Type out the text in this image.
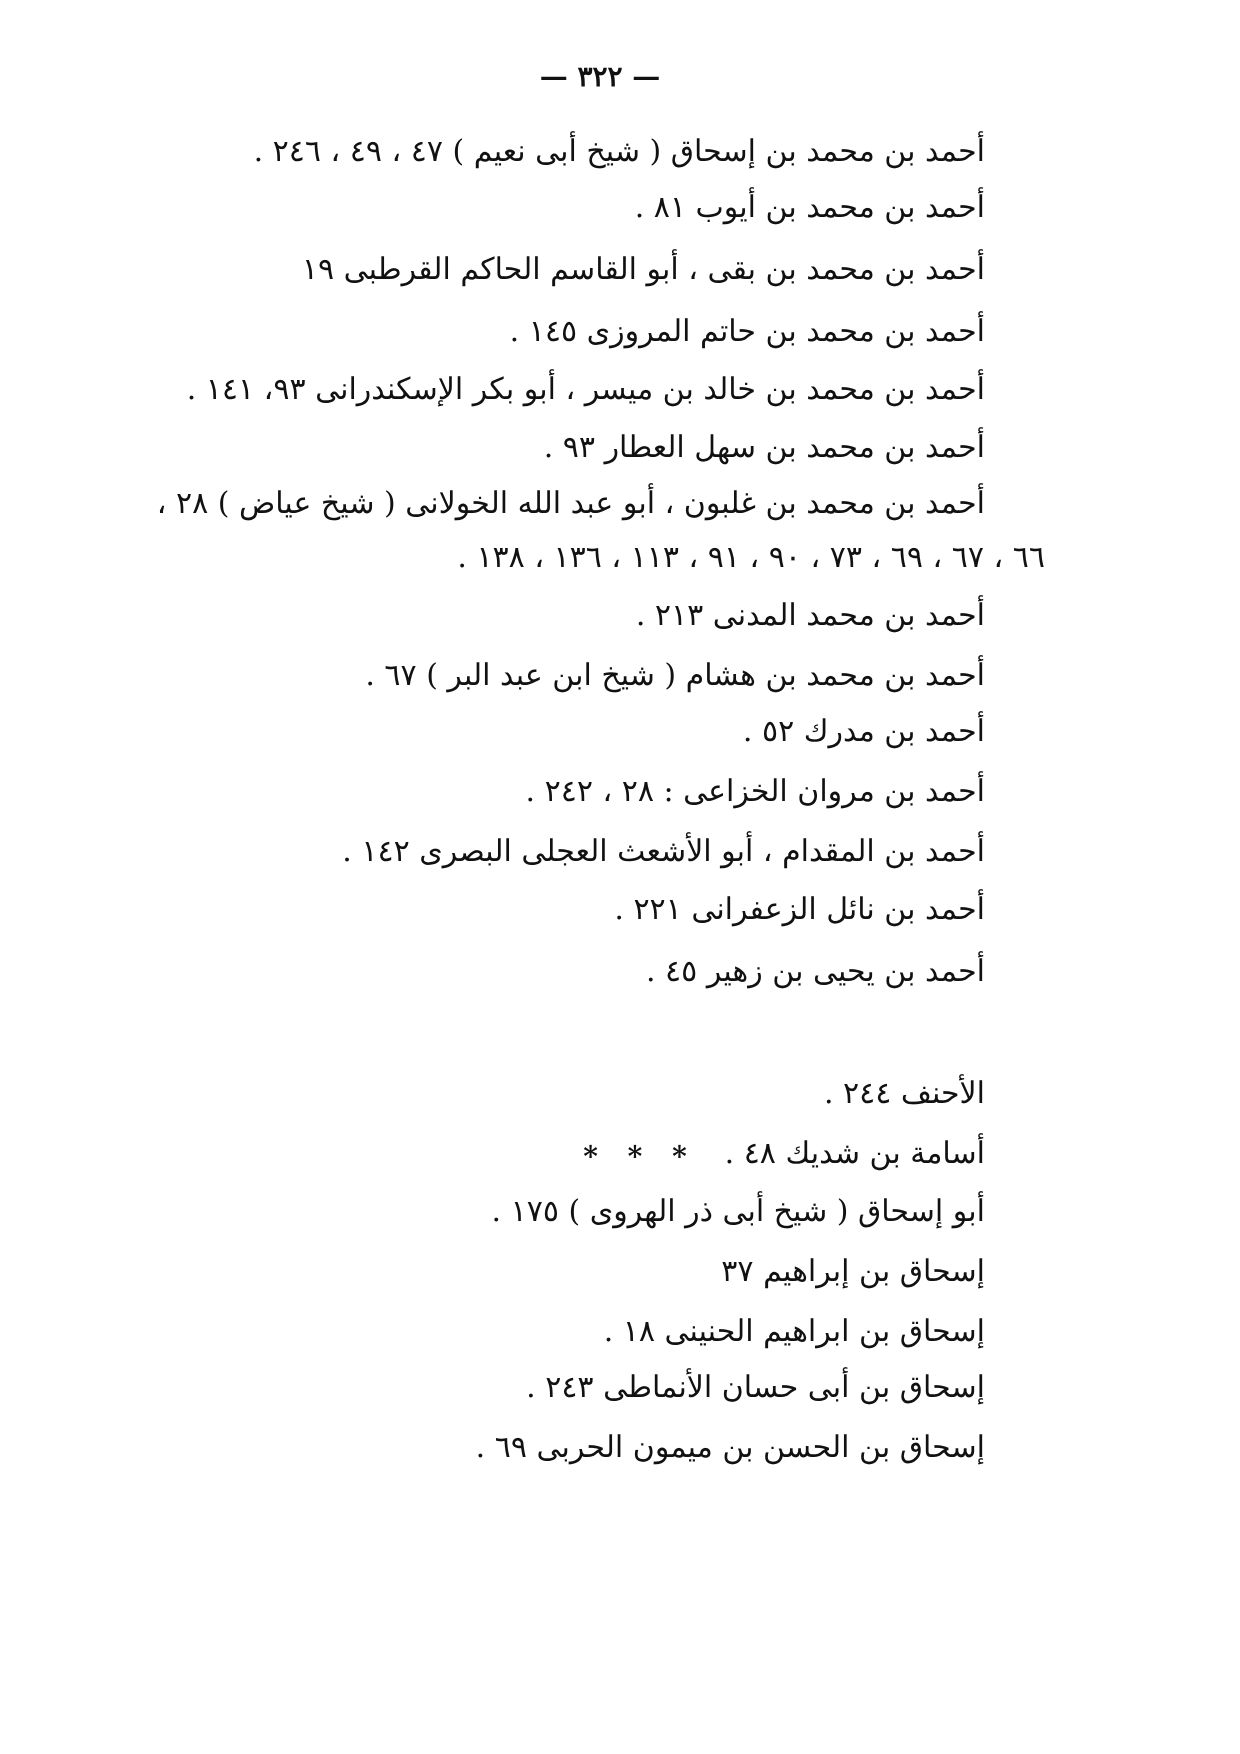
— ٣٢٢ —
أحمد بن محمد بن إسحاق ( شيخ أبى نعيم ) ٤٧ ، ٤٩ ، ٢٤٦ .
أحمد بن محمد بن أيوب ٨١ .
أحمد بن محمد بن بقى ، أبو القاسم الحاكم القرطبى ١٩
أحمد بن محمد بن حاتم المروزى ١٤٥ .
أحمد بن محمد بن خالد بن ميسر ، أبو بكر الإسكندرانى ٩٣، ١٤١ .
أحمد بن محمد بن سهل العطار ٩٣ .
أحمد بن محمد بن غلبون ، أبو عبد الله الخولانى ( شيخ عياض ) ٢٨ ،
٦٦ ، ٦٧ ، ٦٩ ، ٧٣ ، ٩٠ ، ٩١ ، ١١٣ ، ١٣٦ ، ١٣٨ .
أحمد بن محمد المدنى ٢١٣ .
أحمد بن محمد بن هشام ( شيخ ابن عبد البر ) ٦٧ .
أحمد بن مدرك ٥٢ .
أحمد بن مروان الخزاعى : ٢٨ ، ٢٤٢ .
أحمد بن المقدام ، أبو الأشعث العجلى البصرى ١٤٢ .
أحمد بن نائل الزعفرانى ٢٢١ .
أحمد بن يحيى بن زهير ٤٥ .
* * *
الأحنف ٢٤٤ .
أسامة بن شديك ٤٨ .
أبو إسحاق ( شيخ أبى ذر الهروى ) ١٧٥ .
إسحاق بن إبراهيم ٣٧
إسحاق بن ابراهيم الحنينى ١٨ .
إسحاق بن أبى حسان الأنماطى ٢٤٣ .
إسحاق بن الحسن بن ميمون الحربى ٦٩ .
